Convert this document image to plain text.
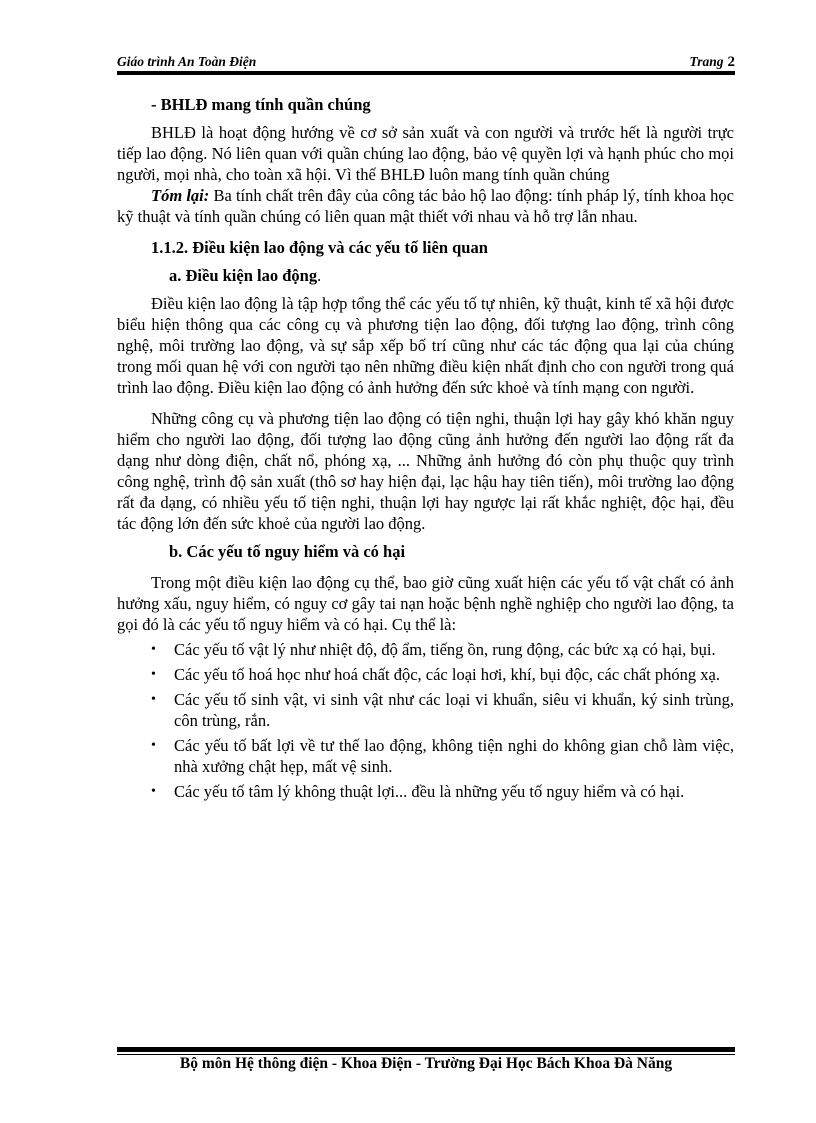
Giáo trình An Toàn Điện	Trang 2

- BHLĐ mang tính quần chúng

BHLĐ là hoạt động hướng về cơ sở sản xuất và con người và trước hết là người trực tiếp lao động. Nó liên quan với quần chúng lao động, bảo vệ quyền lợi và hạnh phúc cho mọi người, mọi nhà, cho toàn xã hội. Vì thế BHLĐ luôn mang tính quần chúng

Tóm lại: Ba tính chất trên đây của công tác bảo hộ lao động: tính pháp lý, tính khoa học kỹ thuật và tính quần chúng có liên quan mật thiết với nhau và hỗ trợ lẫn nhau.

1.1.2. Điều kiện lao động và các yếu tố liên quan

a. Điều kiện lao động.

Điều kiện lao động là tập hợp tổng thể các yếu tố tự nhiên, kỹ thuật, kinh tế xã hội được biểu hiện thông qua các công cụ và phương tiện lao động, đối tượng lao động, trình công nghệ, môi trường lao động, và sự sắp xếp bố trí cũng như các tác động qua lại của chúng trong mối quan hệ với con người tạo nên những điều kiện nhất định cho con người trong quá trình lao động. Điều kiện lao động có ảnh hưởng đến sức khoẻ và tính mạng con người.

Những công cụ và phương tiện lao động có tiện nghi, thuận lợi hay gây khó khăn nguy hiểm cho người lao động, đối tượng lao động cũng ảnh hưởng đến người lao động rất đa dạng như dòng điện, chất nổ, phóng xạ, ... Những ảnh hưởng đó còn phụ thuộc quy trình công nghệ, trình độ sản xuất (thô sơ hay hiện đại, lạc hậu hay tiên tiến), môi trường lao động rất đa dạng, có nhiều yếu tố tiện nghi, thuận lợi hay ngược lại rất khắc nghiệt, độc hại, đều tác động lớn đến sức khoẻ của người lao động.

b. Các yếu tố nguy hiểm và có hại

Trong một điều kiện lao động cụ thể, bao giờ cũng xuất hiện các yếu tố vật chất có ảnh hưởng xấu, nguy hiểm, có nguy cơ gây tai nạn hoặc bệnh nghề nghiệp cho người lao động, ta gọi đó là các yếu tố nguy hiểm và có hại. Cụ thể là:

• Các yếu tố vật lý như nhiệt độ, độ ẩm, tiếng ồn, rung động, các bức xạ có hại, bụi.
• Các yếu tố hoá học như hoá chất độc, các loại hơi, khí, bụi độc, các chất phóng xạ.
• Các yếu tố sinh vật, vi sinh vật như các loại vi khuẩn, siêu vi khuẩn, ký sinh trùng, côn trùng, rắn.
• Các yếu tố bất lợi về tư thế lao động, không tiện nghi do không gian chỗ làm việc, nhà xưởng chật hẹp, mất vệ sinh.
• Các yếu tố tâm lý không thuật lợi... đều là những yếu tố nguy hiểm và có hại.
Bộ môn Hệ thông điện - Khoa Điện - Trường Đại Học Bách Khoa Đà Năng
